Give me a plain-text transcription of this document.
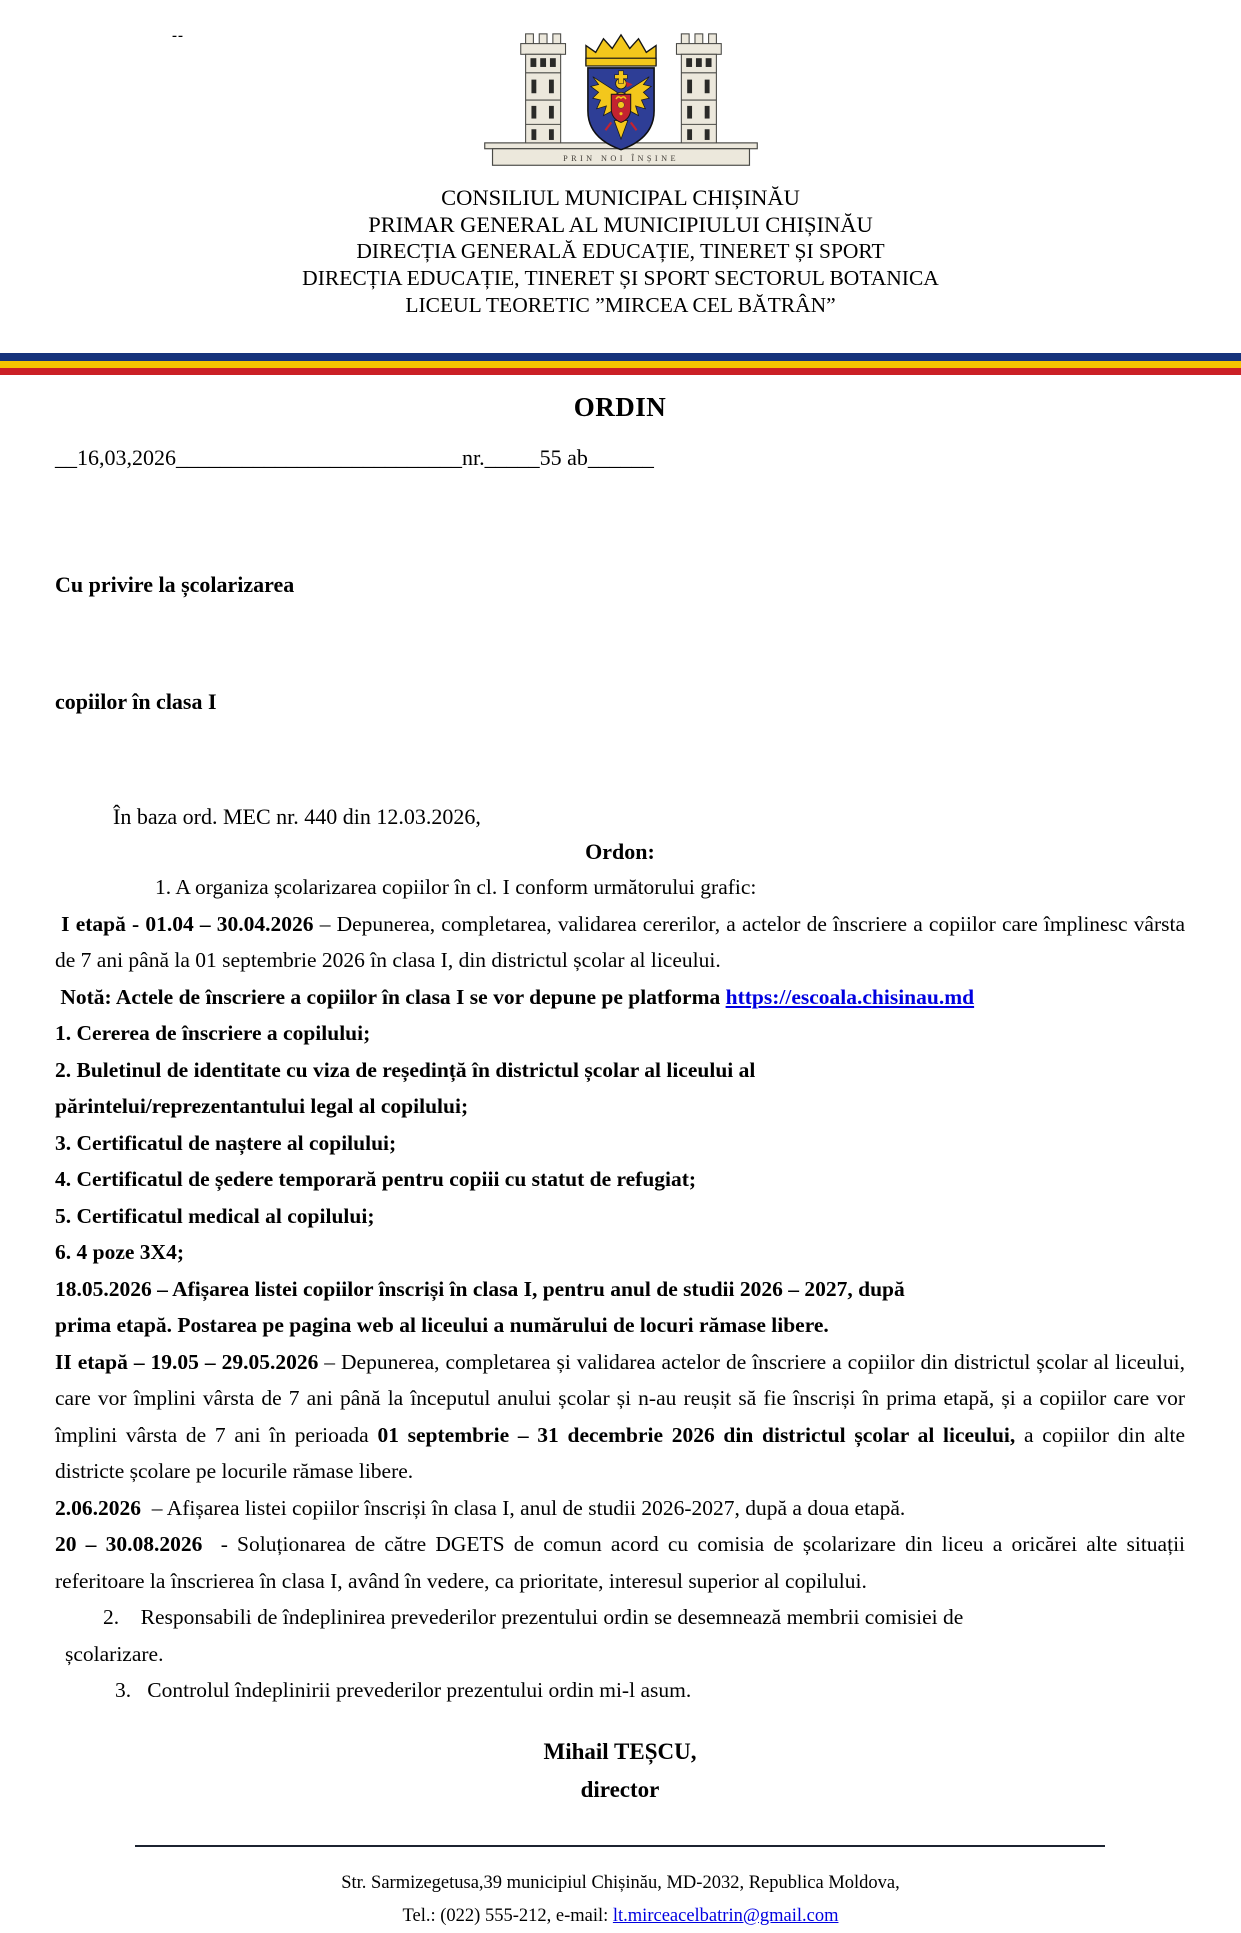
--
PRIN NOI ÎNȘINE
CONSILIUL MUNICIPAL CHIȘINĂU
PRIMAR GENERAL AL MUNICIPIULUI CHIȘINĂU
DIRECȚIA GENERALĂ EDUCAȚIE, TINERET ȘI SPORT
DIRECȚIA EDUCAȚIE, TINERET ȘI SPORT SECTORUL BOTANICA
LICEUL TEORETIC ”MIRCEA CEL BĂTRÂN”
ORDIN
__16,03,2026__________________________nr._____55 ab______

Cu privire la școlarizarea

copiilor în clasa I

În baza ord. MEC nr. 440 din 12.03.2026,
Ordon:

1. A organiza școlarizarea copiilor în cl. I conform următorului grafic:

I etapă - 01.04 – 30.04.2026 – Depunerea, completarea, validarea cererilor, a actelor de înscriere a copiilor care împlinesc vârsta de 7 ani până la 01 septembrie 2026 în clasa I, din districtul școlar al liceului.

Notă: Actele de înscriere a copiilor în clasa I se vor depune pe platforma https://escoala.chisinau.md

1. Cererea de înscriere a copilului;

2. Buletinul de identitate cu viza de reședință în districtul școlar al liceului al

părintelui/reprezentantului legal al copilului;

3. Certificatul de naștere al copilului;

4. Certificatul de ședere temporară pentru copiii cu statut de refugiat;

5. Certificatul medical al copilului;

6. 4 poze 3X4;

18.05.2026 – Afișarea listei copiilor înscriși în clasa I, pentru anul de studii 2026 – 2027, după

prima etapă. Postarea pe pagina web al liceului a numărului de locuri rămase libere.

II etapă – 19.05 – 29.05.2026 – Depunerea, completarea și validarea actelor de înscriere a copiilor din districtul școlar al liceului, care vor împlini vârsta de 7 ani până la începutul anului școlar și n-au reușit să fie înscriși în prima etapă, și a copiilor care vor împlini vârsta de 7 ani în perioada 01 septembrie – 31 decembrie 2026 din districtul școlar al liceului, a copiilor din alte districte școlare pe locurile rămase libere.

2.06.2026  – Afișarea listei copiilor înscriși în clasa I, anul de studii 2026-2027, după a doua etapă.

20 – 30.08.2026  - Soluționarea de către DGETS de comun acord cu comisia de școlarizare din liceu a oricărei alte situații referitoare la înscrierea în clasa I, având în vedere, ca prioritate, interesul superior al copilului.

2.    Responsabili de îndeplinirea prevederilor prezentului ordin se desemnează membrii comisiei de

școlarizare.

3.   Controlul îndeplinirii prevederilor prezentului ordin mi-l asum.

Mihail TEȘCU,
director
Str. Sarmizegetusa,39 municipiul Chișinău, MD-2032, Republica Moldova,
Tel.: (022) 555-212, e-mail: lt.mirceacelbatrin@gmail.com
